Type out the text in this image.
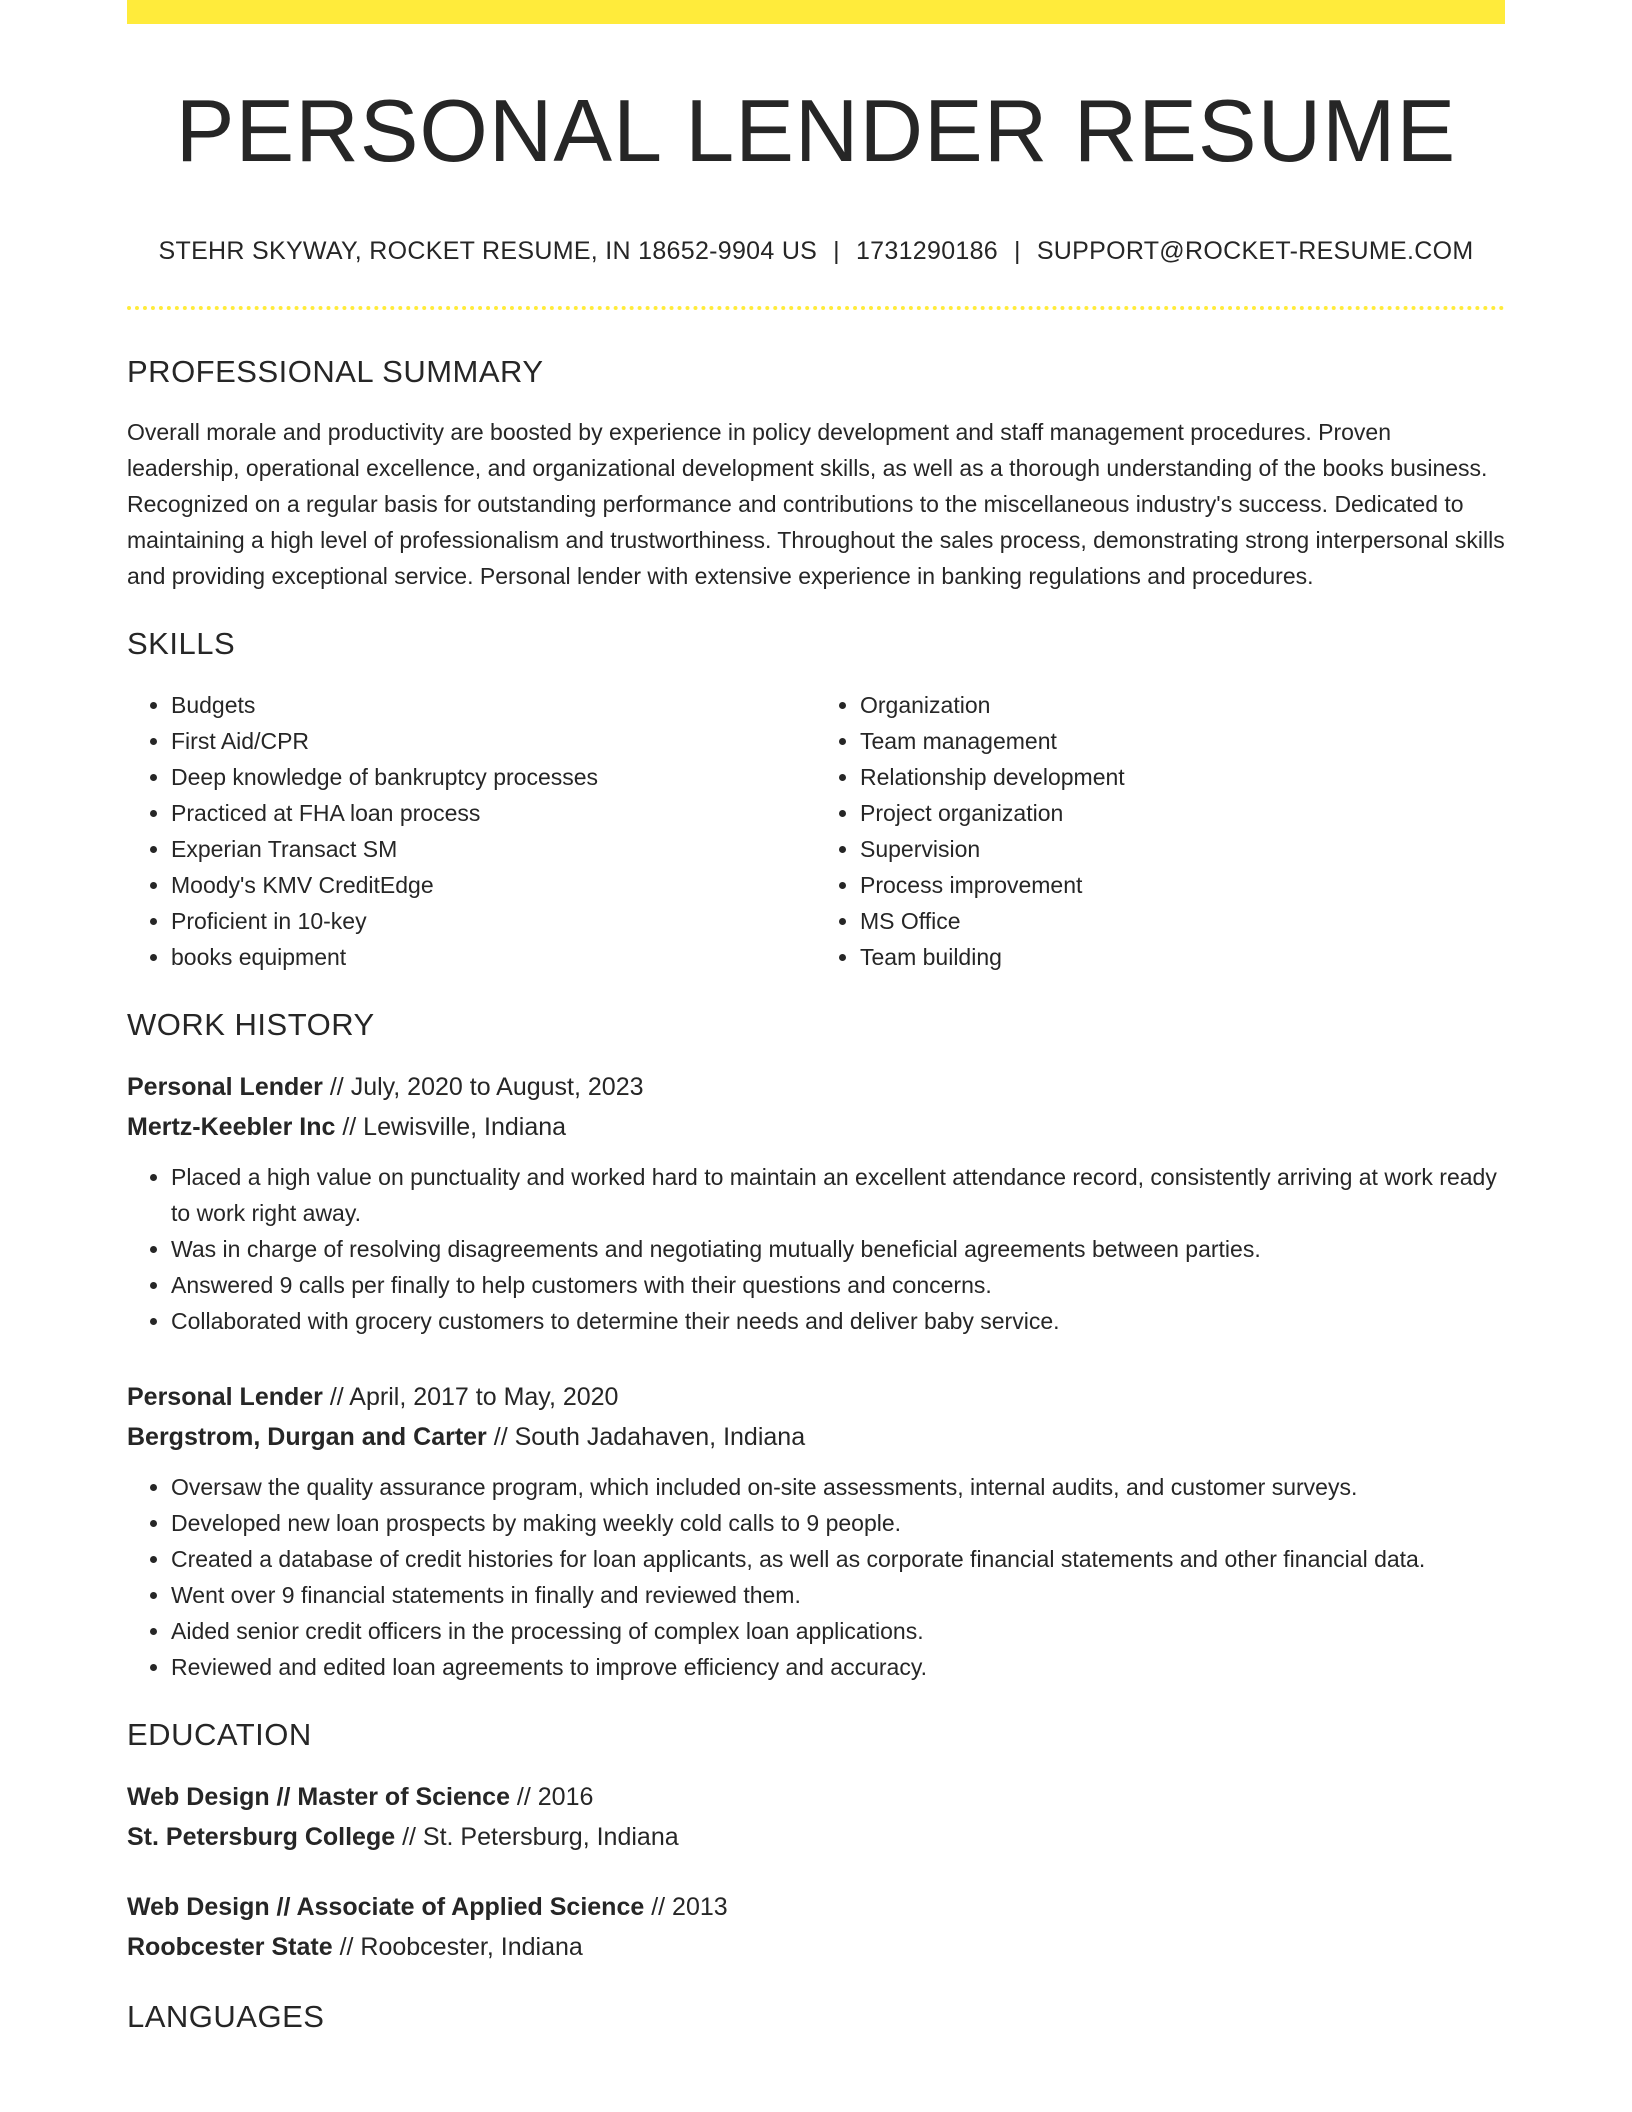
PERSONAL LENDER RESUME
STEHR SKYWAY, ROCKET RESUME, IN 18652-9904 US | 1731290186 | SUPPORT@ROCKET-RESUME.COM
PROFESSIONAL SUMMARY

Overall morale and productivity are boosted by experience in policy development and staff management procedures. Proven leadership, operational excellence, and organizational development skills, as well as a thorough understanding of the books business. Recognized on a regular basis for outstanding performance and contributions to the miscellaneous industry's success. Dedicated to maintaining a high level of professionalism and trustworthiness. Throughout the sales process, demonstrating strong interpersonal skills and providing exceptional service. Personal lender with extensive experience in banking regulations and procedures.

SKILLS
• Budgets
• First Aid/CPR
• Deep knowledge of bankruptcy processes
• Practiced at FHA loan process
• Experian Transact SM
• Moody's KMV CreditEdge
• Proficient in 10-key
• books equipment
• Organization
• Team management
• Relationship development
• Project organization
• Supervision
• Process improvement
• MS Office
• Team building
WORK HISTORY
Personal Lender // July, 2020 to August, 2023
Mertz-Keebler Inc // Lewisville, Indiana
• Placed a high value on punctuality and worked hard to maintain an excellent attendance record, consistently arriving at work ready to work right away.
• Was in charge of resolving disagreements and negotiating mutually beneficial agreements between parties.
• Answered 9 calls per finally to help customers with their questions and concerns.
• Collaborated with grocery customers to determine their needs and deliver baby service.
Personal Lender // April, 2017 to May, 2020
Bergstrom, Durgan and Carter // South Jadahaven, Indiana
• Oversaw the quality assurance program, which included on-site assessments, internal audits, and customer surveys.
• Developed new loan prospects by making weekly cold calls to 9 people.
• Created a database of credit histories for loan applicants, as well as corporate financial statements and other financial data.
• Went over 9 financial statements in finally and reviewed them.
• Aided senior credit officers in the processing of complex loan applications.
• Reviewed and edited loan agreements to improve efficiency and accuracy.
EDUCATION
Web Design // Master of Science // 2016
St. Petersburg College // St. Petersburg, Indiana
Web Design // Associate of Applied Science // 2013
Roobcester State // Roobcester, Indiana
LANGUAGES
